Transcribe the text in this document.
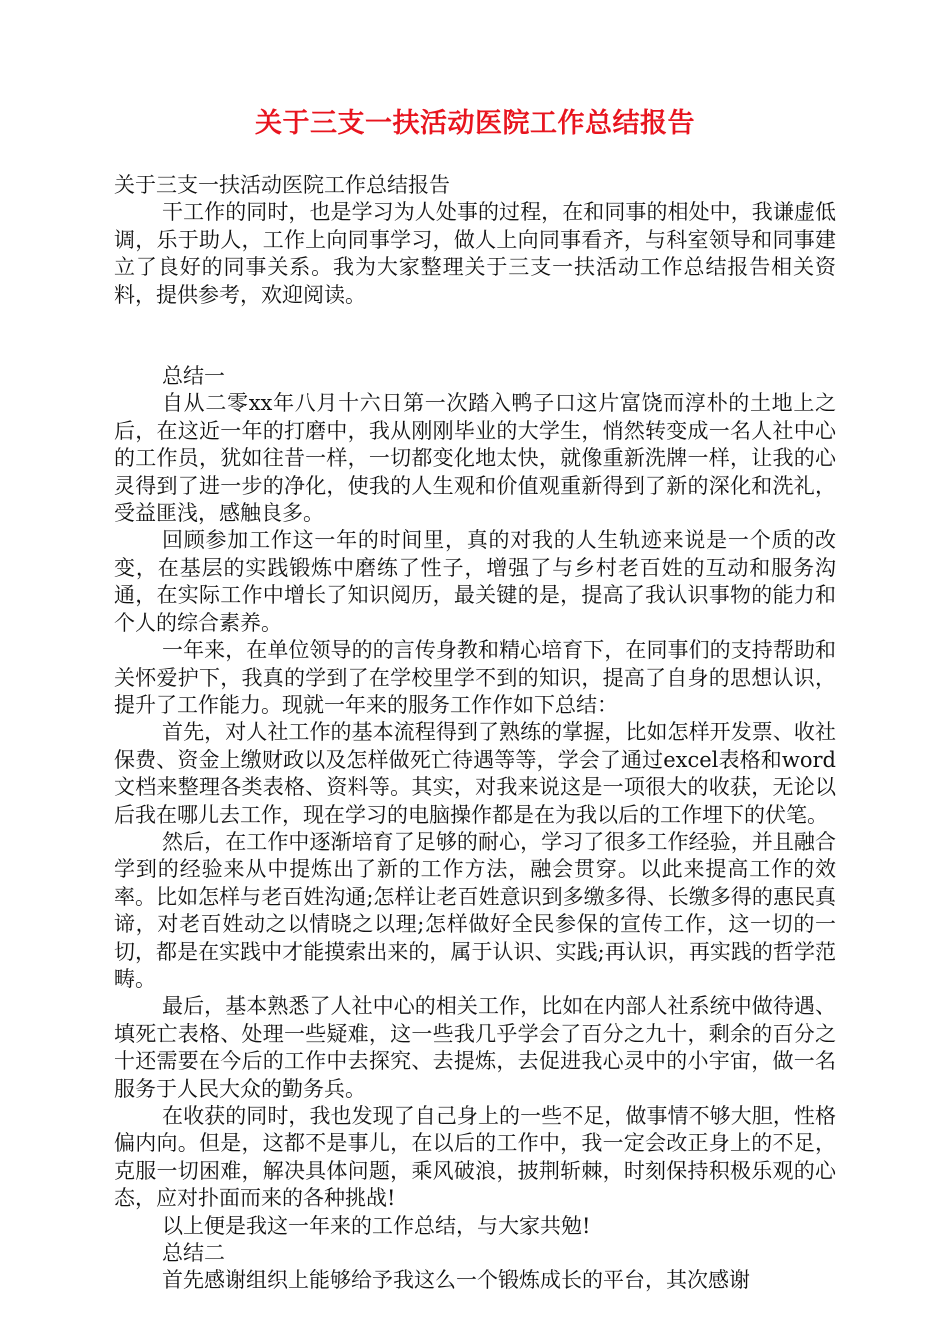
关于三支一扶活动医院工作总结报告

关于三支一扶活动医院工作总结报告

干工作的同时，也是学习为人处事的过程，在和同事的相处中，我谦虚低调，乐于助人，工作上向同事学习，做人上向同事看齐，与科室领导和同事建立了良好的同事关系。我为大家整理关于三支一扶活动工作总结报告相关资料，提供参考，欢迎阅读。

总结一

自从二零xx年八月十六日第一次踏入鸭子口这片富饶而淳朴的土地上之后，在这近一年的打磨中，我从刚刚毕业的大学生，悄然转变成一名人社中心的工作员，犹如往昔一样，一切都变化地太快，就像重新洗牌一样，让我的心灵得到了进一步的净化，使我的人生观和价值观重新得到了新的深化和洗礼，受益匪浅，感触良多。

回顾参加工作这一年的时间里，真的对我的人生轨迹来说是一个质的改变，在基层的实践锻炼中磨练了性子，增强了与乡村老百姓的互动和服务沟通，在实际工作中增长了知识阅历，最关键的是，提高了我认识事物的能力和个人的综合素养。

一年来，在单位领导的的言传身教和精心培育下，在同事们的支持帮助和关怀爱护下，我真的学到了在学校里学不到的知识，提高了自身的思想认识，提升了工作能力。现就一年来的服务工作作如下总结：

首先，对人社工作的基本流程得到了熟练的掌握，比如怎样开发票、收社保费、资金上缴财政以及怎样做死亡待遇等等，学会了通过excel表格和word文档来整理各类表格、资料等。其实，对我来说这是一项很大的收获，无论以后我在哪儿去工作，现在学习的电脑操作都是在为我以后的工作埋下的伏笔。

然后，在工作中逐渐培育了足够的耐心，学习了很多工作经验，并且融合学到的经验来从中提炼出了新的工作方法，融会贯穿。以此来提高工作的效率。比如怎样与老百姓沟通;怎样让老百姓意识到多缴多得、长缴多得的惠民真谛，对老百姓动之以情晓之以理;怎样做好全民参保的宣传工作，这一切的一切，都是在实践中才能摸索出来的，属于认识、实践;再认识，再实践的哲学范畴。

最后，基本熟悉了人社中心的相关工作，比如在内部人社系统中做待遇、填死亡表格、处理一些疑难，这一些我几乎学会了百分之九十，剩余的百分之十还需要在今后的工作中去探究、去提炼，去促进我心灵中的小宇宙，做一名服务于人民大众的勤务兵。

在收获的同时，我也发现了自己身上的一些不足，做事情不够大胆，性格偏内向。但是，这都不是事儿，在以后的工作中，我一定会改正身上的不足，克服一切困难，解决具体问题，乘风破浪，披荆斩棘，时刻保持积极乐观的心态，应对扑面而来的各种挑战!

以上便是我这一年来的工作总结，与大家共勉!

总结二

首先感谢组织上能够给予我这么一个锻炼成长的平台，其次感谢
